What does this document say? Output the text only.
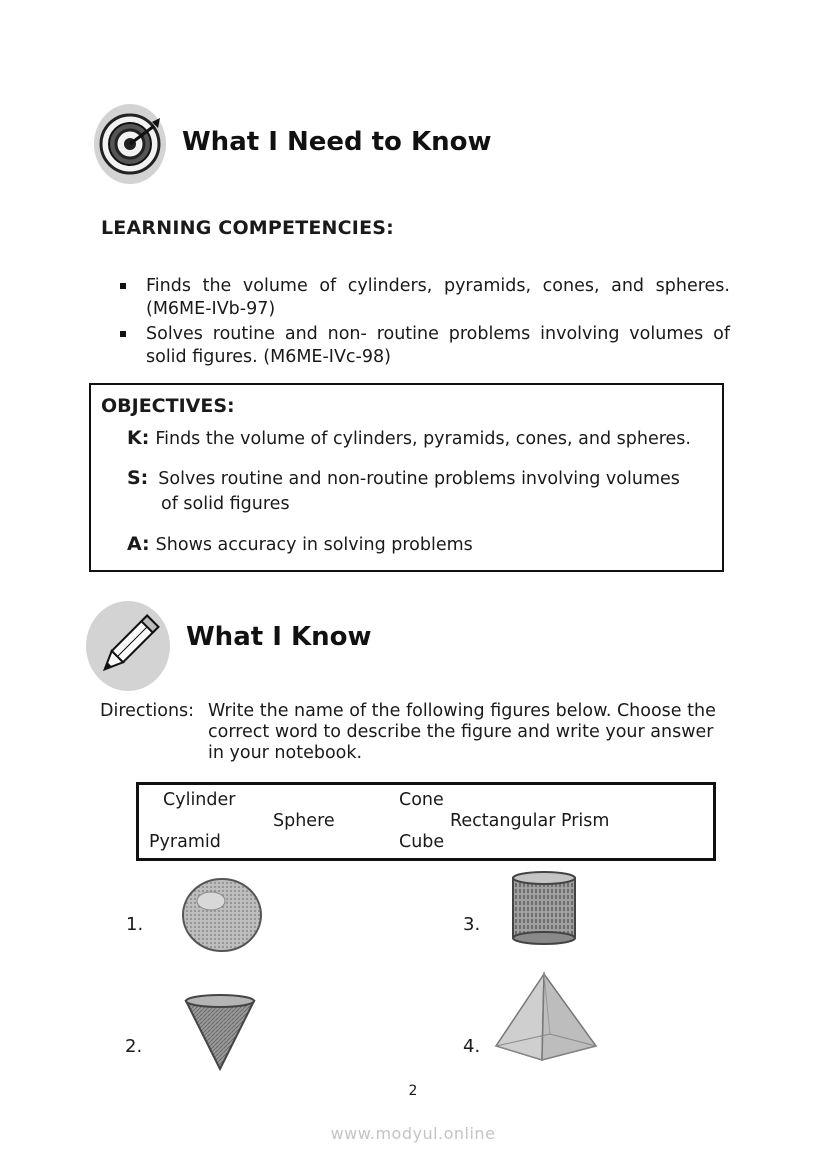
What I Need to Know
LEARNING COMPETENCIES:
Finds the volume of cylinders, pyramids, cones, and spheres. (M6ME-IVb-97)
Solves routine and non- routine problems involving volumes of solid figures. (M6ME-IVc-98)
OBJECTIVES:
K: Finds the volume of cylinders, pyramids, cones, and spheres.
S: Solves routine and non-routine problems involving volumes
of solid figures
A: Shows accuracy in solving problems
What I Know
Directions: Write the name of the following figures below. Choose the correct word to describe the figure and write your answer in your notebook.
Cylinder	Cone
Sphere	Rectangular Prism
Pyramid	Cube
1.
2.
3.
4.
2
www.modyul.online
